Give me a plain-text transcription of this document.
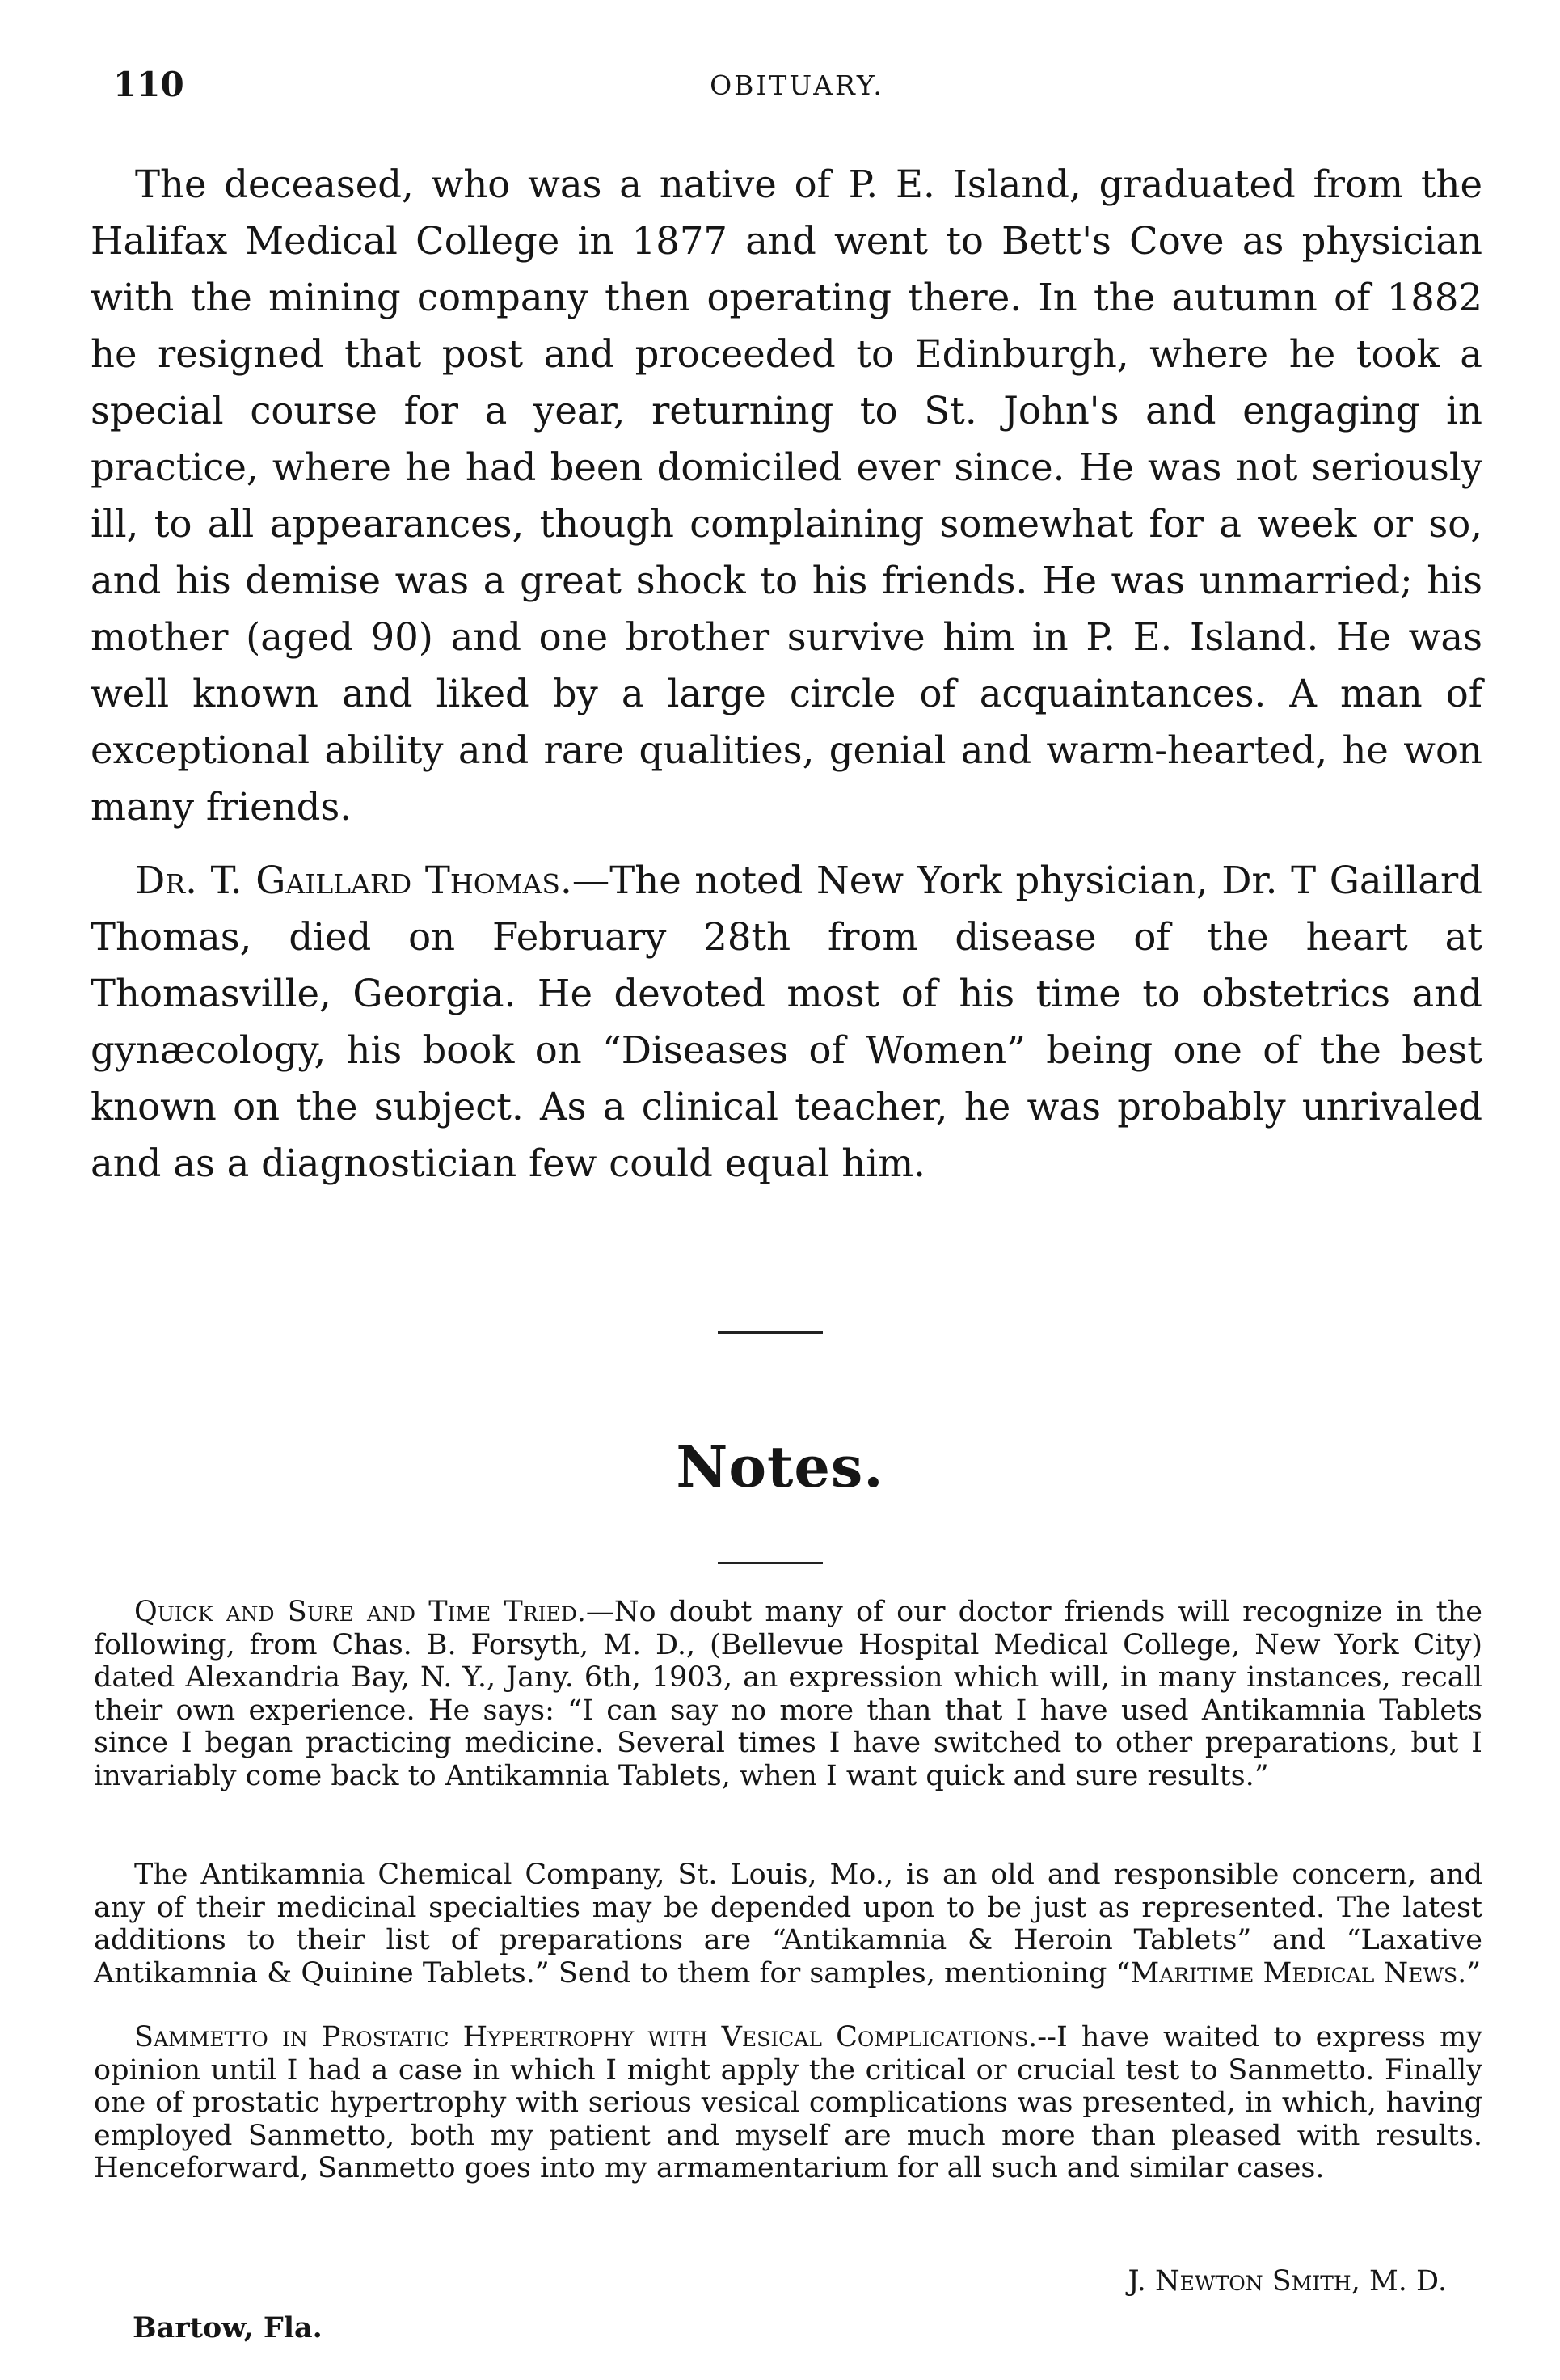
110	OBITUARY.

The deceased, who was a native of P. E. Island, graduated from the Halifax Medical College in 1877 and went to Bett's Cove as physician with the mining company then operating there. In the autumn of 1882 he resigned that post and proceeded to Edinburgh, where he took a special course for a year, returning to St. John's and engaging in practice, where he had been domiciled ever since. He was not seriously ill, to all appearances, though complaining somewhat for a week or so, and his demise was a great shock to his friends. He was unmarried; his mother (aged 90) and one brother survive him in P. E. Island. He was well known and liked by a large circle of acquaintances. A man of exceptional ability and rare qualities, genial and warm-hearted, he won many friends.

Dr. T. Gaillard Thomas.—The noted New York physician, Dr. T Gaillard Thomas, died on February 28th from disease of the heart at Thomasville, Georgia. He devoted most of his time to obstetrics and gynæcology, his book on “Diseases of Women” being one of the best known on the subject. As a clinical teacher, he was probably unrivaled and as a diagnostician few could equal him.

Notes.

Quick and Sure and Time Tried.—No doubt many of our doctor friends will recognize in the following, from Chas. B. Forsyth, M. D., (Bellevue Hospital Medical College, New York City) dated Alexandria Bay, N. Y., Jany. 6th, 1903, an expression which will, in many instances, recall their own experience. He says: “I can say no more than that I have used Antikamnia Tablets since I began practicing medicine. Several times I have switched to other preparations, but I invariably come back to Antikamnia Tablets, when I want quick and sure results.”

The Antikamnia Chemical Company, St. Louis, Mo., is an old and responsible concern, and any of their medicinal specialties may be depended upon to be just as represented. The latest additions to their list of preparations are “Antikamnia & Heroin Tablets” and “Laxative Antikamnia & Quinine Tablets.” Send to them for samples, mentioning “Maritime Medical News.”

Sammetto in Prostatic Hypertrophy with Vesical Complications.--I have waited to express my opinion until I had a case in which I might apply the critical or crucial test to Sanmetto. Finally one of prostatic hypertrophy with serious vesical complications was presented, in which, having employed Sanmetto, both my patient and myself are much more than pleased with results. Henceforward, Sanmetto goes into my armamentarium for all such and similar cases.

J. Newton Smith, M. D.
Bartow, Fla.
